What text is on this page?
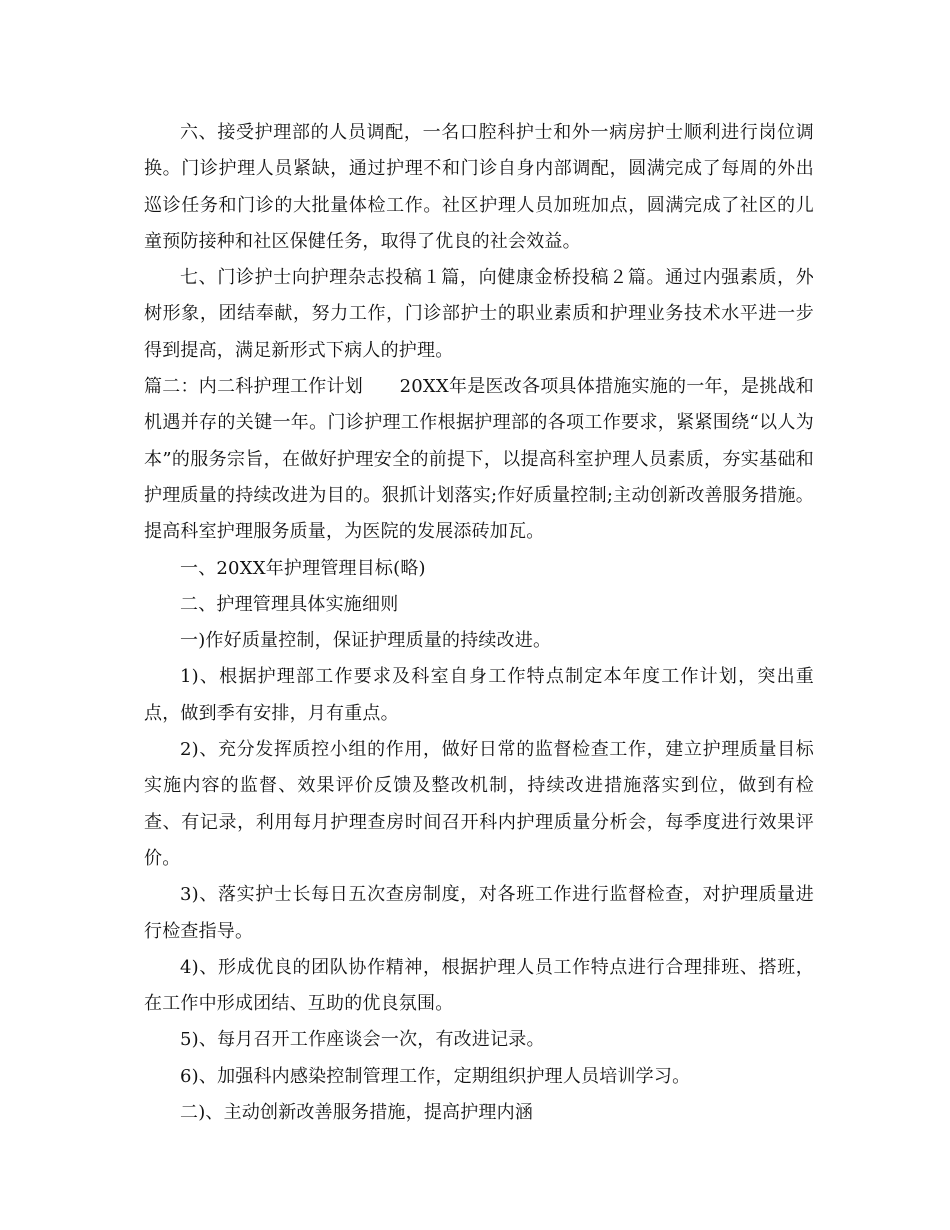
六、接受护理部的人员调配，一名口腔科护士和外一病房护士顺利进行岗位调换。门诊护理人员紧缺，通过护理不和门诊自身内部调配，圆满完成了每周的外出巡诊任务和门诊的大批量体检工作。社区护理人员加班加点，圆满完成了社区的儿童预防接种和社区保健任务，取得了优良的社会效益。

七、门诊护士向护理杂志投稿１篇，向健康金桥投稿２篇。通过内强素质，外树形象，团结奉献，努力工作，门诊部护士的职业素质和护理业务技术水平进一步得到提高，满足新形式下病人的护理。

篇二：内二科护理工作计划　　20XX年是医改各项具体措施实施的一年，是挑战和机遇并存的关键一年。门诊护理工作根据护理部的各项工作要求，紧紧围绕“以人为本”的服务宗旨，在做好护理安全的前提下，以提高科室护理人员素质，夯实基础和护理质量的持续改进为目的。狠抓计划落实;作好质量控制;主动创新改善服务措施。提高科室护理服务质量，为医院的发展添砖加瓦。

一、20XX年护理管理目标(略)

二、护理管理具体实施细则

一)作好质量控制，保证护理质量的持续改进。

1)、根据护理部工作要求及科室自身工作特点制定本年度工作计划，突出重点，做到季有安排，月有重点。

2)、充分发挥质控小组的作用，做好日常的监督检查工作，建立护理质量目标实施内容的监督、效果评价反馈及整改机制，持续改进措施落实到位，做到有检查、有记录，利用每月护理查房时间召开科内护理质量分析会，每季度进行效果评价。

3)、落实护士长每日五次查房制度，对各班工作进行监督检查，对护理质量进行检查指导。

4)、形成优良的团队协作精神，根据护理人员工作特点进行合理排班、搭班，在工作中形成团结、互助的优良氛围。

5)、每月召开工作座谈会一次，有改进记录。

6)、加强科内感染控制管理工作，定期组织护理人员培训学习。

二)、主动创新改善服务措施，提高护理内涵
